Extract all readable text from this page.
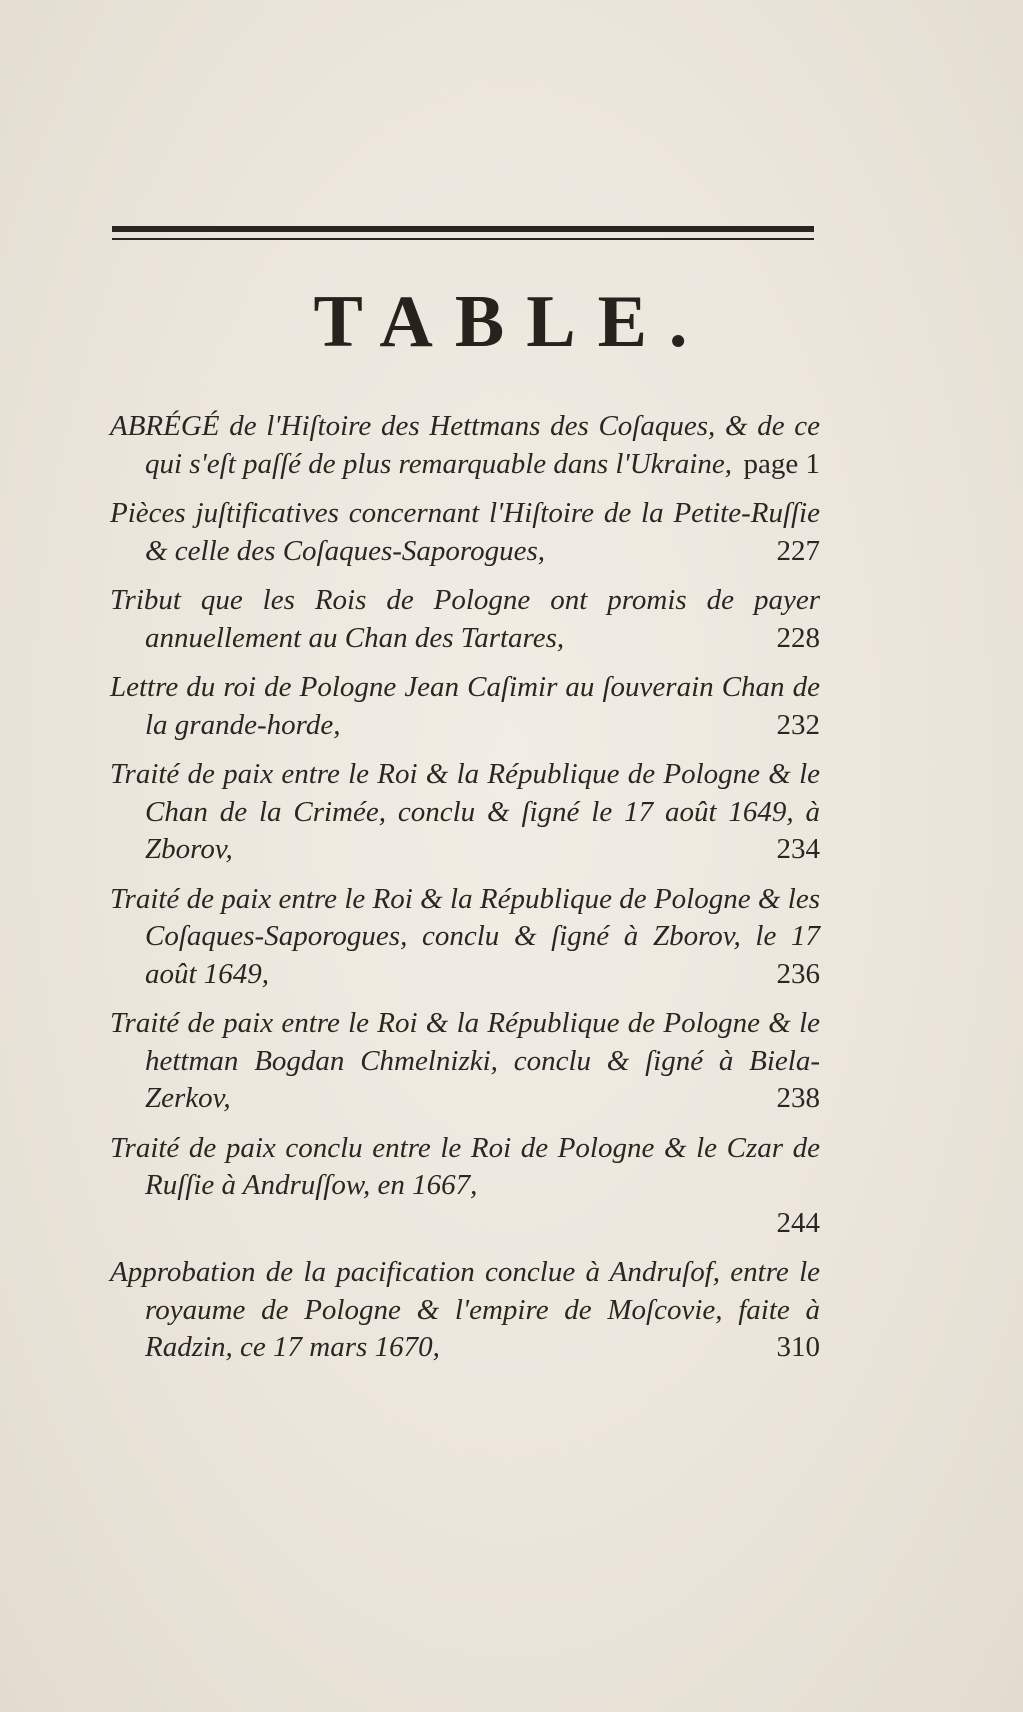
TABLE.

ABRÉGÉ de l'Hiſtoire des Hettmans des Coſaques, & de ce qui s'eſt paſſé de plus remarquable dans l'Ukraine, page 1

Pièces juſtificatives concernant l'Hiſtoire de la Petite-Ruſſie & celle des Coſaques-Saporogues,	227

Tribut que les Rois de Pologne ont promis de payer annuellement au Chan des Tartares,	228

Lettre du roi de Pologne Jean Caſimir au ſouverain Chan de la grande-horde,	232

Traité de paix entre le Roi & la République de Pologne & le Chan de la Crimée, conclu & ſigné le 17 août 1649, à Zborov,	234

Traité de paix entre le Roi & la République de Pologne & les Coſaques-Saporogues, conclu & ſigné à Zborov, le 17 août 1649,	236

Traité de paix entre le Roi & la République de Pologne & le hettman Bogdan Chmelnizki, conclu & ſigné à Biela-Zerkov,	238

Traité de paix conclu entre le Roi de Pologne & le Czar de Ruſſie à Andruſſow, en 1667,
244

Approbation de la pacification conclue à Andruſof, entre le royaume de Pologne & l'empire de Moſcovie, faite à Radzin, ce 17 mars 1670,	310
